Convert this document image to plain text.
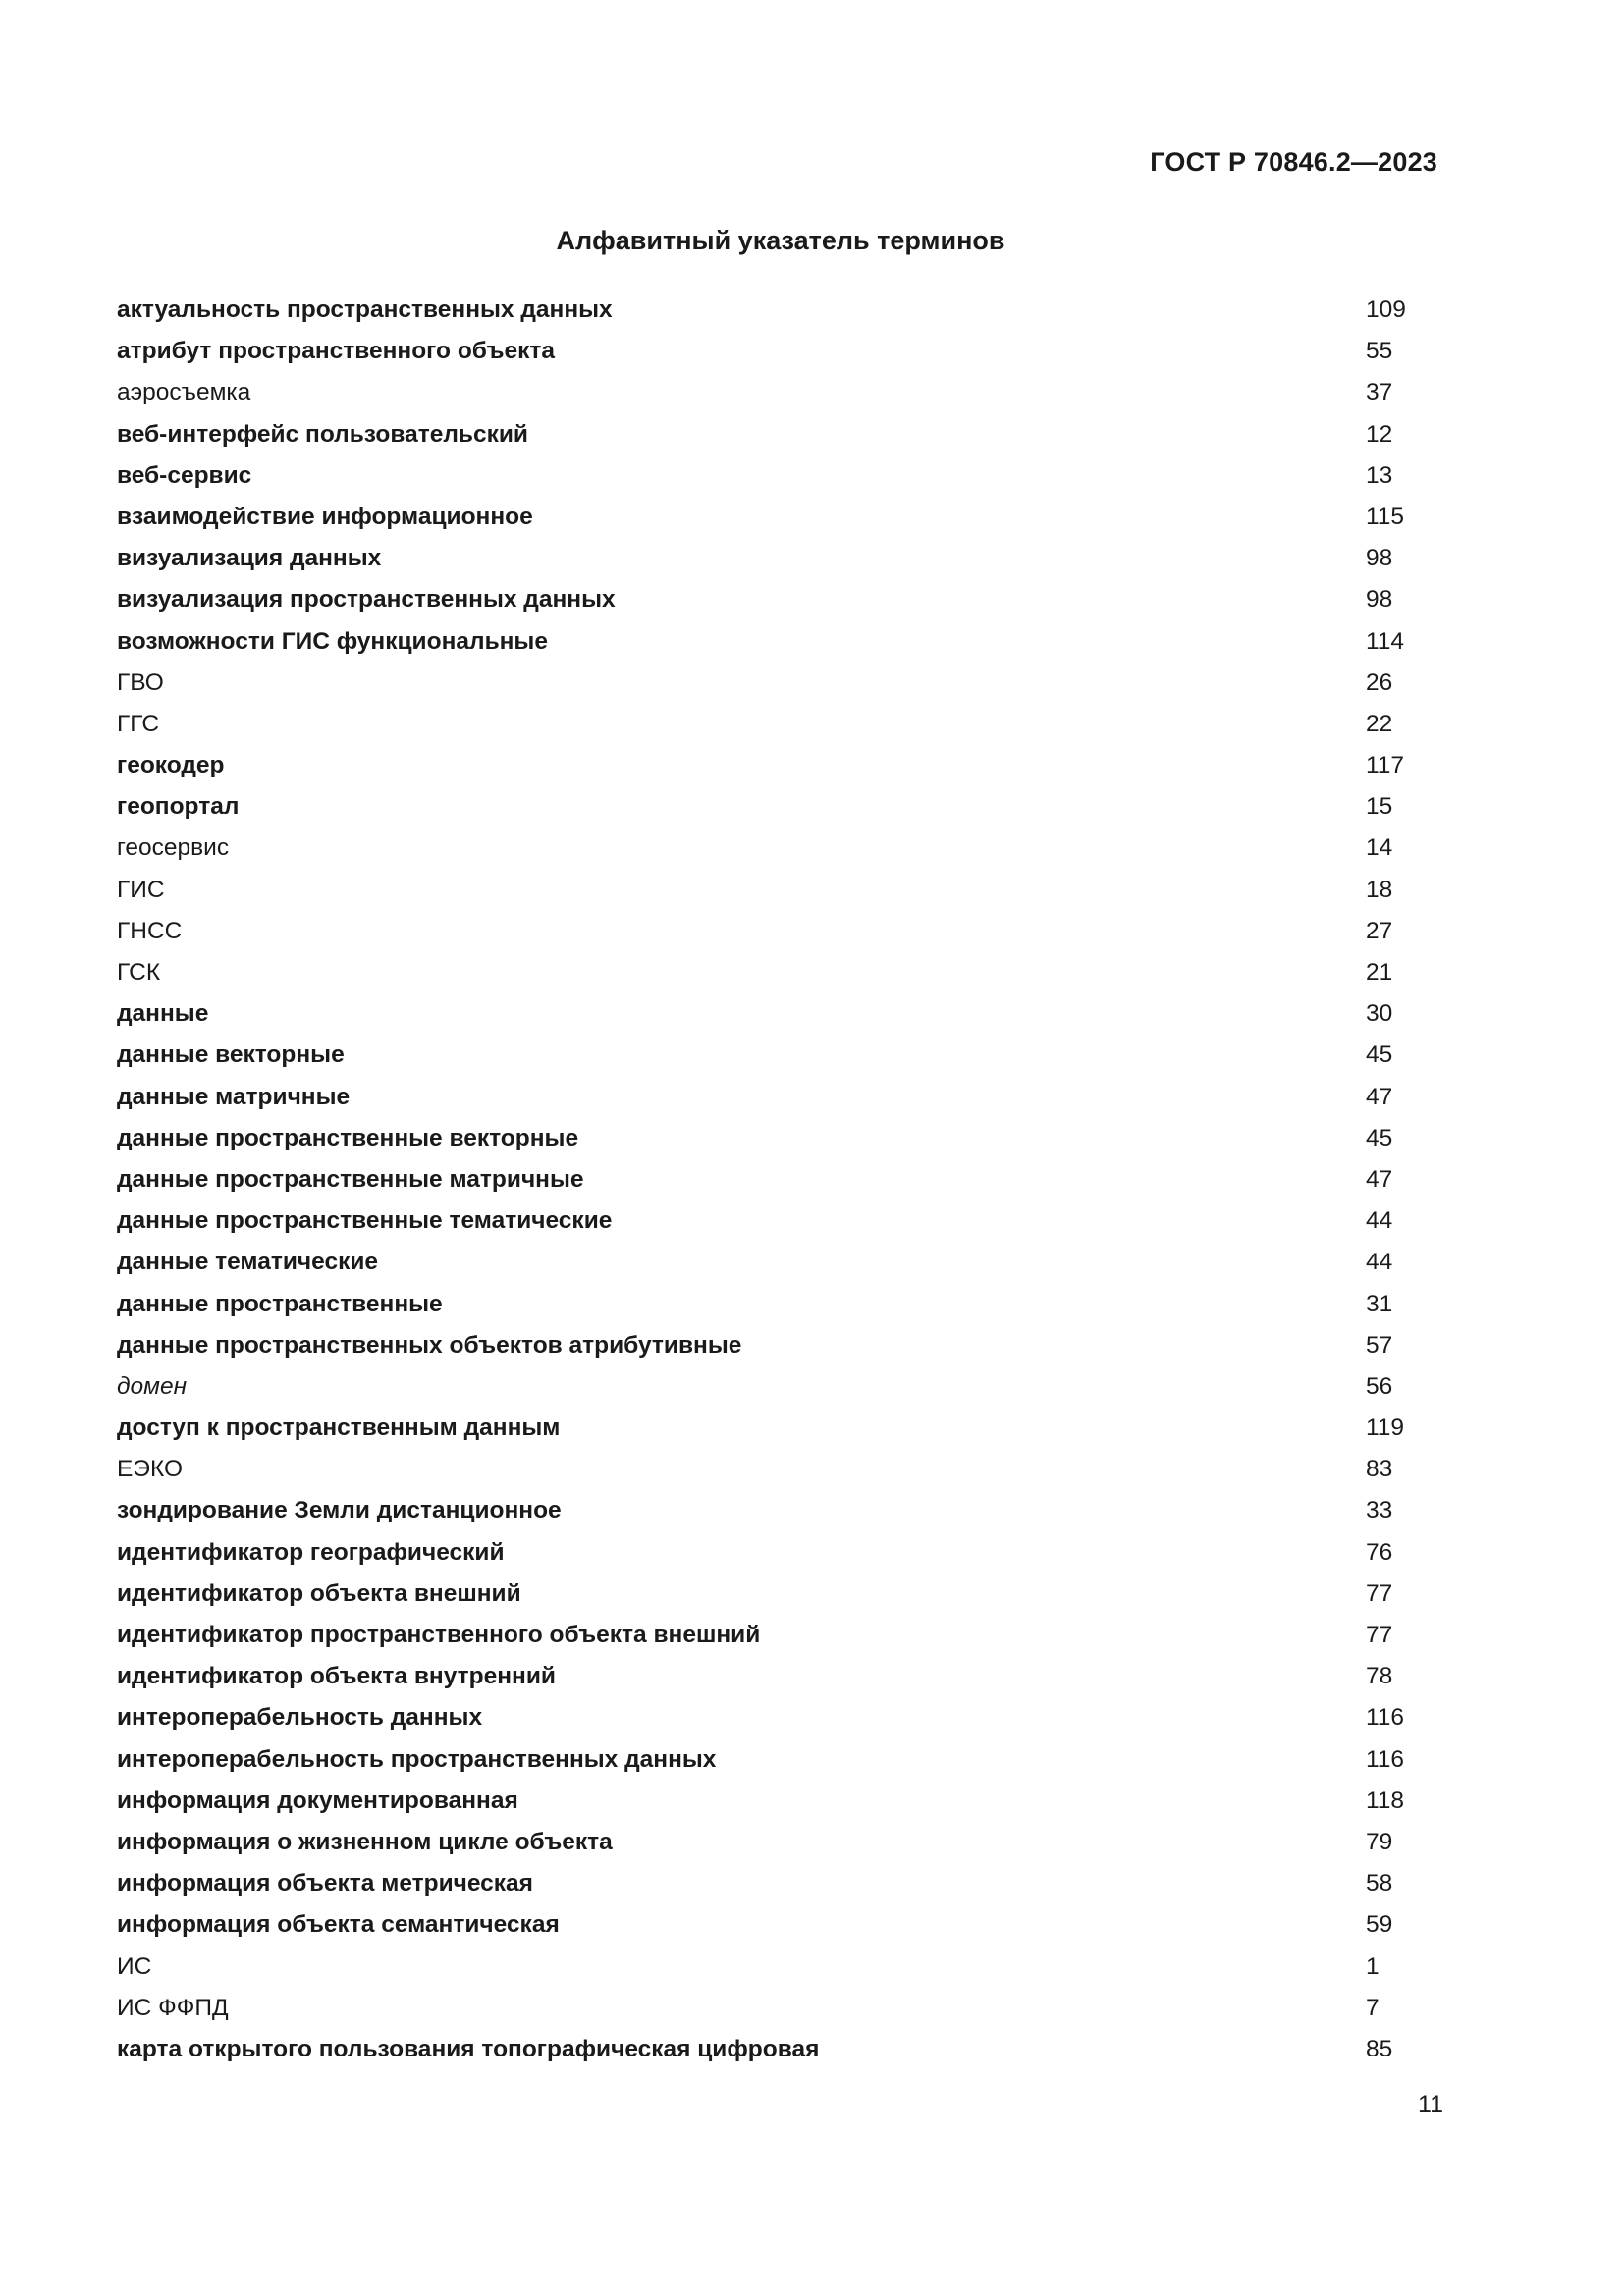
ГОСТ Р 70846.2—2023
Алфавитный указатель терминов
актуальность пространственных данных	109
атрибут пространственного объекта	55
аэросъемка	37
веб-интерфейс пользовательский	12
веб-сервис	13
взаимодействие информационное	115
визуализация данных	98
визуализация пространственных данных	98
возможности ГИС функциональные	114
ГВО	26
ГГС	22
геокодер	117
геопортал	15
геосервис	14
ГИС	18
ГНСС	27
ГСК	21
данные	30
данные векторные	45
данные матричные	47
данные пространственные векторные	45
данные пространственные матричные	47
данные пространственные тематические	44
данные тематические	44
данные пространственные	31
данные пространственных объектов атрибутивные	57
домен	56
доступ к пространственным данным	119
ЕЭКО	83
зондирование Земли дистанционное	33
идентификатор географический	76
идентификатор объекта внешний	77
идентификатор пространственного объекта внешний	77
идентификатор объекта внутренний	78
интероперабельность данных	116
интероперабельность пространственных данных	116
информация документированная	118
информация о жизненном цикле объекта	79
информация объекта метрическая	58
информация объекта семантическая	59
ИС	1
ИС ФФПД	7
карта открытого пользования топографическая цифровая	85
11
